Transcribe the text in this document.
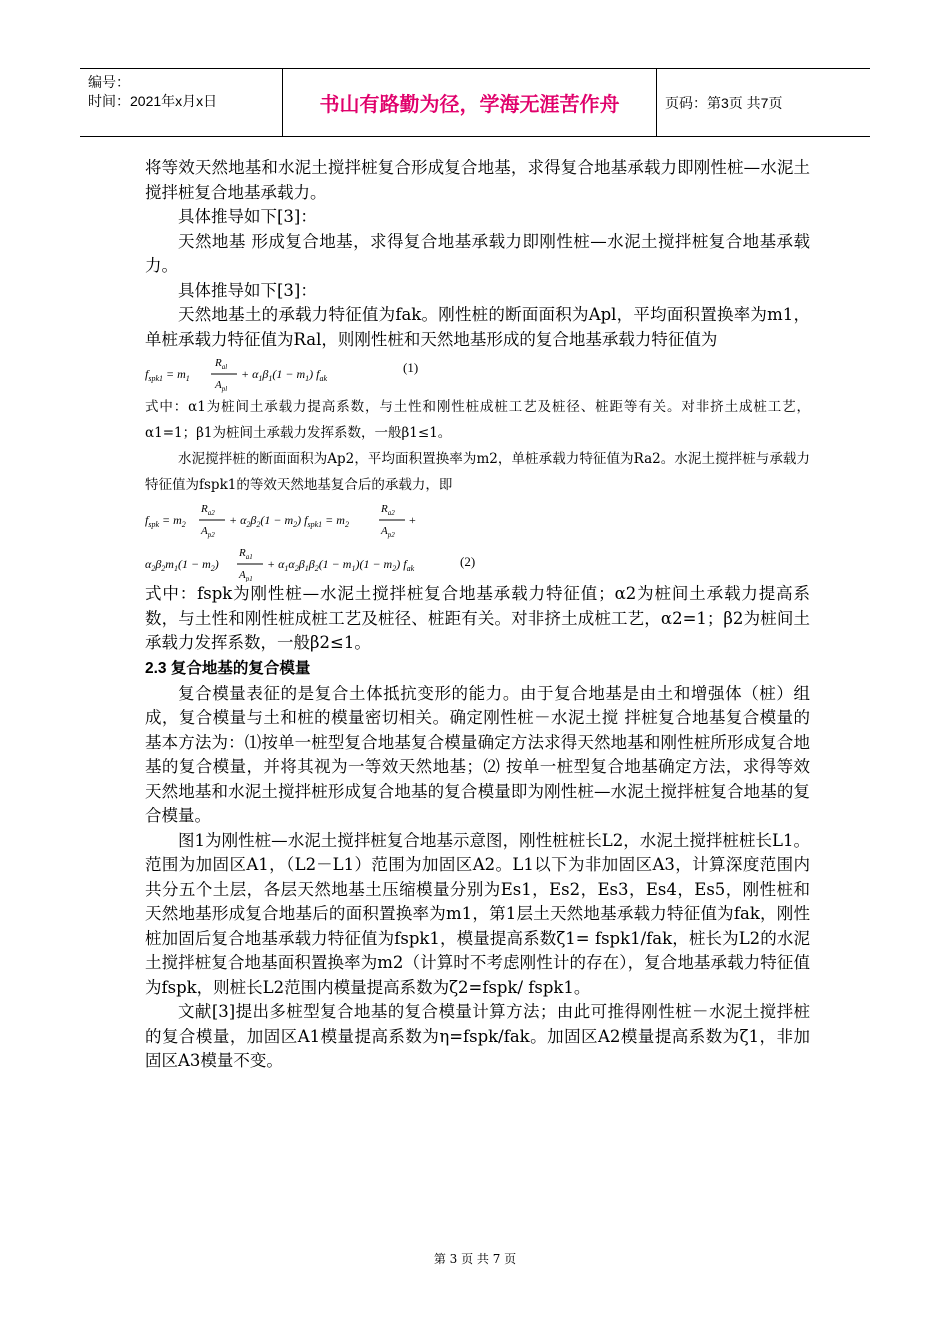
编号：
时间：2021年x月x日	书山有路勤为径，学海无涯苦作舟	页码：第3页 共7页

将等效天然地基和水泥土搅拌桩复合形成复合地基，求得复合地基承载力即刚性桩—水泥土搅拌桩复合地基承载力。

具体推导如下[3]：

天然地基 形成复合地基，求得复合地基承载力即刚性桩—水泥土搅拌桩复合地基承载力。

具体推导如下[3]：

天然地基土的承载力特征值为fak。刚性桩的断面面积为Apl，平均面积置换率为m1，单桩承载力特征值为Ral，则刚性桩和天然地基形成的复合地基承载力特征值为

$f_{spk1} = m_1$
$R_{al}$
$A_{pl}$
+ $\alpha_1\beta_1(1 - m_1)$ $f_{ak}$
(1)

式中：α1为桩间土承载力提高系数，与土性和刚性桩成桩工艺及桩径、桩距等有关。对非挤土成桩工艺，α1=1；β1为桩间土承载力发挥系数，一般β1≤1。

水泥搅拌桩的断面面积为Ap2，平均面积置换率为m2，单桩承载力特征值为Ra2。水泥土搅拌桩与承载力特征值为fspk1的等效天然地基复合后的承载力，即

$f_{spk} = m_2$
$R_{a2}$
$A_{p2}$
+ $\alpha_2\beta_2(1 - m_2) f_{spk1} = m_2$
$R_{a2}$
$A_{p2}$
+
$\alpha_2\beta_2m_1(1 - m_2)$
$R_{a1}$
$A_{p1}$
+ $\alpha_1\alpha_2\beta_1\beta_2(1 - m_1)(1 - m_2)$ $f_{ak}$	(2)

式中：fspk为刚性桩—水泥土搅拌桩复合地基承载力特征值；α2为桩间土承载力提高系数，与土性和刚性桩成桩工艺及桩径、桩距有关。对非挤土成桩工艺，α2=1；β2为桩间土承载力发挥系数，一般β2≤1。

2.3 复合地基的复合模量

复合模量表征的是复合土体抵抗变形的能力。由于复合地基是由土和增强体（桩）组成，复合模量与土和桩的模量密切相关。确定刚性桩－水泥土搅 拌桩复合地基复合模量的基本方法为：⑴按单一桩型复合地基复合模量确定方法求得天然地基和刚性桩所形成复合地基的复合模量，并将其视为一等效天然地基；⑵ 按单一桩型复合地基确定方法，求得等效天然地基和水泥土搅拌桩形成复合地基的复合模量即为刚性桩—水泥土搅拌桩复合地基的复合模量。

图1为刚性桩—水泥土搅拌桩复合地基示意图，刚性桩桩长L2，水泥土搅拌桩桩长L1。范围为加固区A1，（L2－L1）范围为加固区A2。L1以下为非加固区A3，计算深度范围内共分五个土层，各层天然地基土压缩模量分别为Es1，Es2，Es3，Es4，Es5，刚性桩和天然地基形成复合地基后的面积置换率为m1，第1层土天然地基承载力特征值为fak，刚性桩加固后复合地基承载力特征值为fspk1，模量提高系数ζ1= fspk1/fak，桩长为L2的水泥土搅拌桩复合地基面积置换率为m2（计算时不考虑刚性计的存在），复合地基承载力特征值为fspk，则桩长L2范围内模量提高系数为ζ2=fspk/ fspk1。

文献[3]提出多桩型复合地基的复合模量计算方法；由此可推得刚性桩－水泥土搅拌桩的复合模量，加固区A1模量提高系数为η=fspk/fak。加固区A2模量提高系数为ζ1，非加固区A3模量不变。

第 3 页 共 7 页
